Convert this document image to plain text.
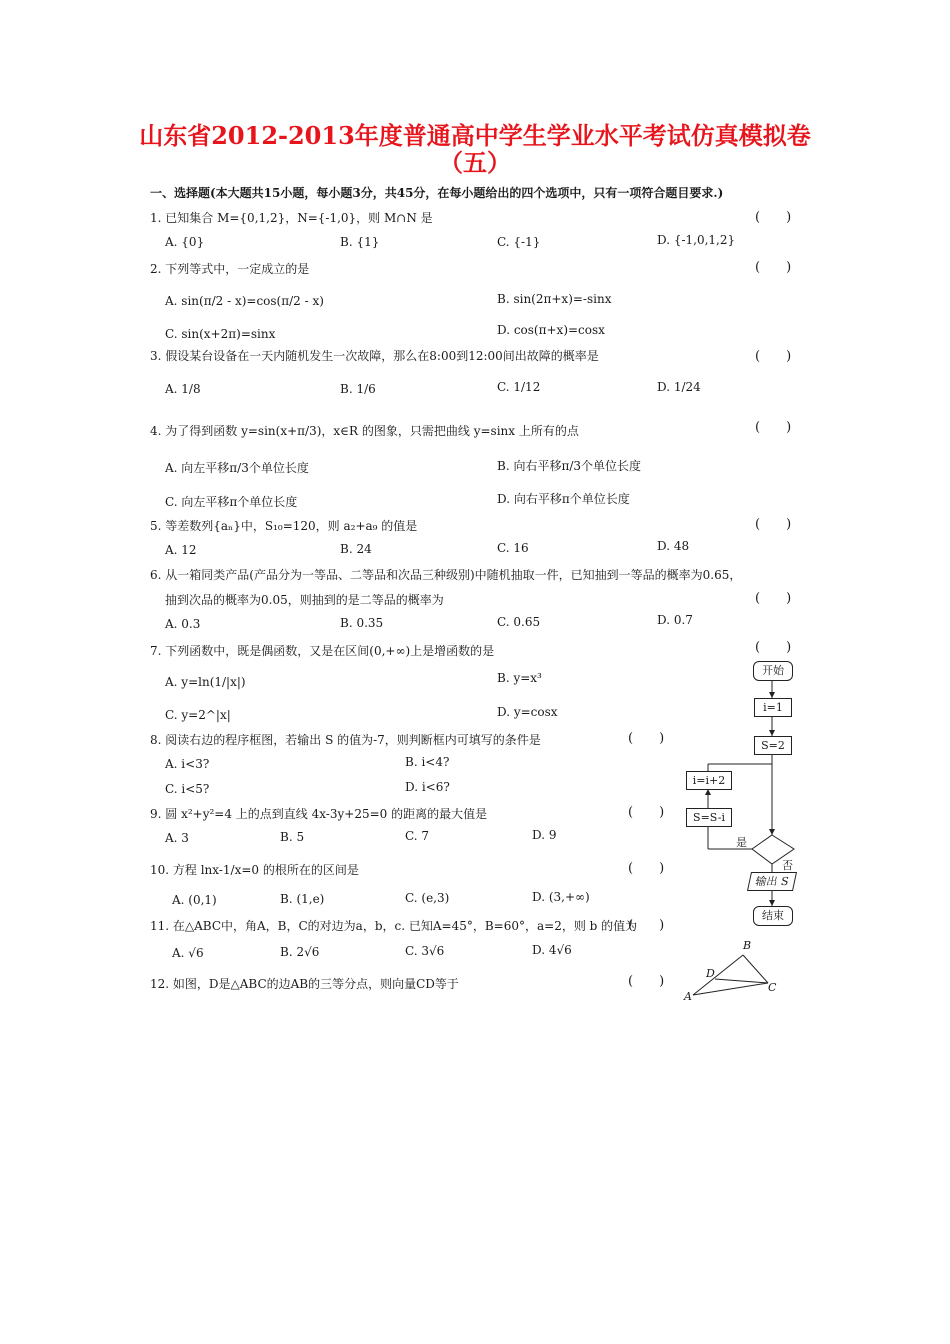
山东省2012-2013年度普通高中学生学业水平考试仿真模拟卷
（五）
一、选择题(本大题共15小题，每小题3分，共45分，在每小题给出的四个选项中，只有一项符合题目要求.)
1. 已知集合 M={0,1,2}，N={-1,0}，则 M∩N 是	(　　)
A. {0}	B. {1}	C. {-1}	D. {-1,0,1,2}
2. 下列等式中，一定成立的是	(　　)
A. sin(π/2 - x)=cos(π/2 - x)	B. sin(2π+x)=-sinx
C. sin(x+2π)=sinx	D. cos(π+x)=cosx
3. 假设某台设备在一天内随机发生一次故障，那么在8:00到12:00间出故障的概率是	(　　)
A. 1/8	B. 1/6	C. 1/12	D. 1/24
4. 为了得到函数 y=sin(x+π/3)，x∈R 的图象，只需把曲线 y=sinx 上所有的点	(　　)
A. 向左平移π/3个单位长度	B. 向右平移π/3个单位长度
C. 向左平移π个单位长度	D. 向右平移π个单位长度
5. 等差数列{aₙ}中，S₁₀=120，则 a₂+a₉ 的值是	(　　)
A. 12	B. 24	C. 16	D. 48
6. 从一箱同类产品(产品分为一等品、二等品和次品三种级别)中随机抽取一件，已知抽到一等品的概率为0.65，
抽到次品的概率为0.05，则抽到的是二等品的概率为	(　　)
A. 0.3	B. 0.35	C. 0.65	D. 0.7
7. 下列函数中，既是偶函数，又是在区间(0,+∞)上是增函数的是	(　　)
A. y=ln(1/|x|)	B. y=x³
C. y=2^|x|	D. y=cosx
8. 阅读右边的程序框图，若输出 S 的值为-7，则判断框内可填写的条件是	(　　)
A. i<3?	B. i<4?
C. i<5?	D. i<6?
9. 圆 x²+y²=4 上的点到直线 4x-3y+25=0 的距离的最大值是	(　　)
A. 3	B. 5	C. 7	D. 9
10. 方程 lnx-1/x=0 的根所在的区间是	(　　)
A. (0,1)	B. (1,e)	C. (e,3)	D. (3,+∞)
11. 在△ABC中，角A，B，C的对边为a，b，c. 已知A=45°，B=60°，a=2，则 b 的值为
(　　)
A. √6	B. 2√6	C. 3√6	D. 4√6
12. 如图，D是△ABC的边AB的三等分点，则向量CD等于	(　　)
开始
i=1
S=2
i=i+2
S=S-i
是
否
输出 S
结束
B
D
A
C
